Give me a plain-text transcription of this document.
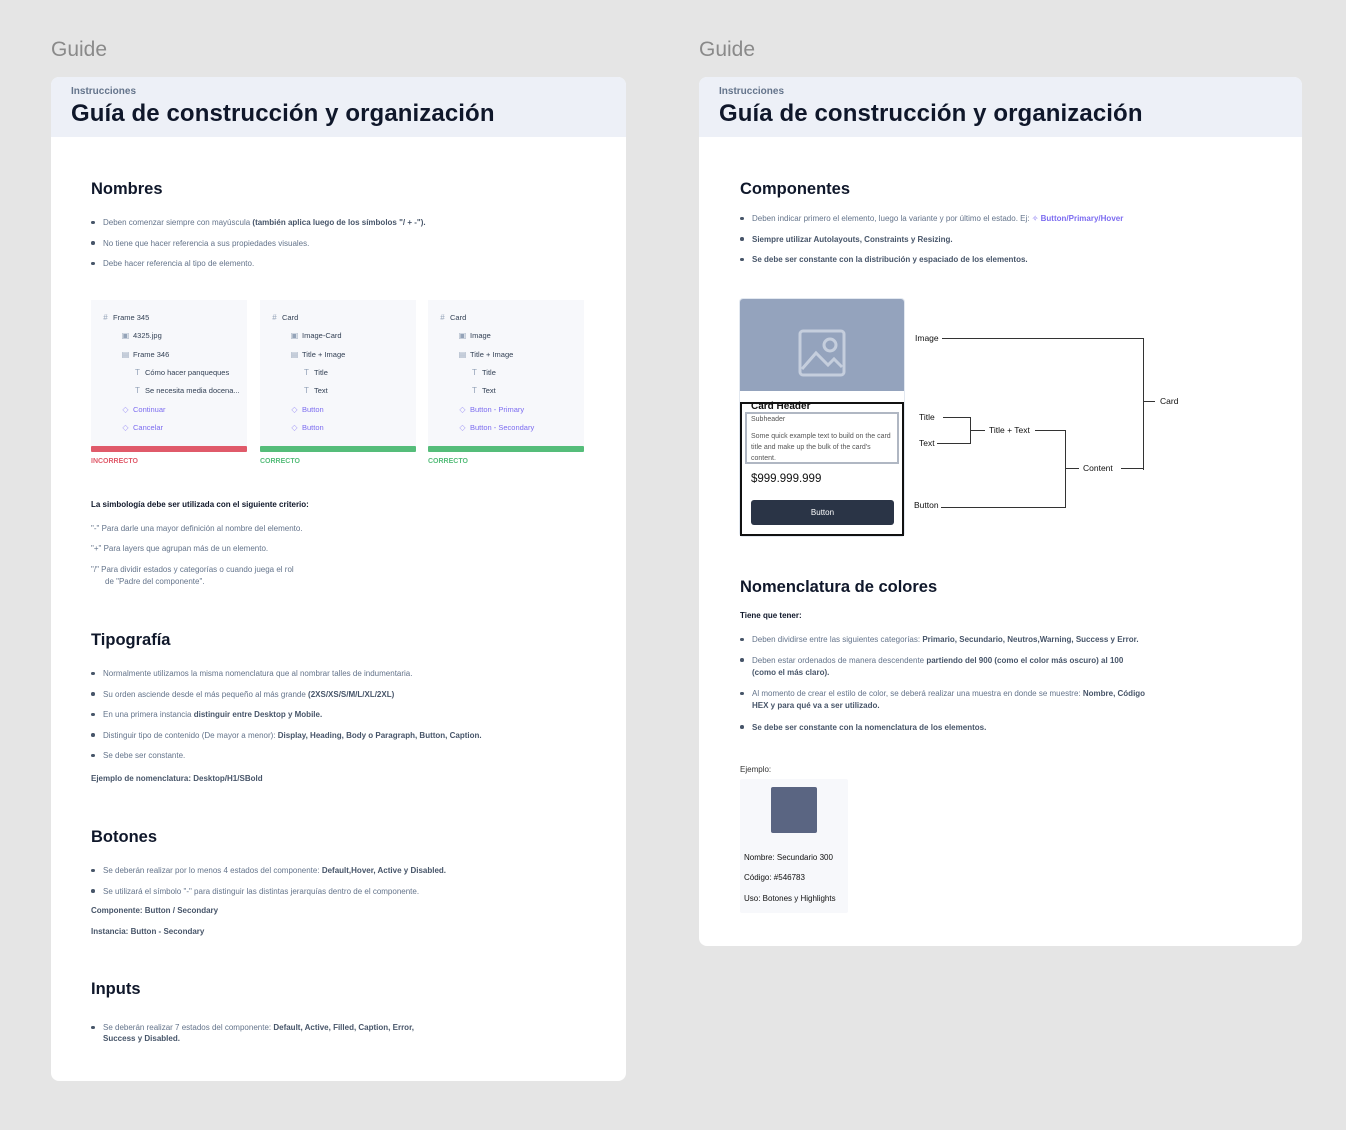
Guide	Guide
Instrucciones
Guía de construcción y organización
Nombres
Deben comenzar siempre con mayúscula (también aplica luego de los símbolos "/ + -").
No tiene que hacer referencia a sus propiedades visuales.
Debe hacer referencia al tipo de elemento.
La simbología debe ser utilizada con el siguiente criterio:
"-" Para darle una mayor definición al nombre del elemento.
"+" Para layers que agrupan más de un elemento.
"/" Para dividir estados y categorías o cuando juega el rol
de "Padre del componente".
Tipografía
Normalmente utilizamos la misma nomenclatura que al nombrar talles de indumentaria.
Su orden asciende desde el más pequeño al más grande (2XS/XS/S/M/L/XL/2XL)
En una primera instancia distinguir entre Desktop y Mobile.
Distinguir tipo de contenido (De mayor a menor): Display, Heading, Body o Paragraph, Button, Caption.
Se debe ser constante.
Ejemplo de nomenclatura: Desktop/H1/SBold
Botones
Se deberán realizar por lo menos 4 estados del componente: Default,Hover, Active y Disabled.
Se utilizará el símbolo "-" para distinguir las distintas jerarquías dentro de el componente.
Componente: Button / Secondary
Instancia: Button - Secondary
Inputs
Se deberán realizar 7 estados del componente: Default, Active, Filled, Caption, Error,
Success y Disabled.
# Frame 345
▣ 4325.jpg
▤ Frame 346
T Cómo hacer panqueques
T Se necesita media docena...
◇ Continuar
◇ Cancelar
INCORRECTO
# Card
▣ Image-Card
▤ Title + Image
T Title
T Text
◇ Button
◇ Button
CORRECTO
# Card
▣ Image
▤ Title + Image
T Title
T Text
◇ Button - Primary
◇ Button - Secondary
CORRECTO
Instrucciones
Guía de construcción y organización
Componentes
Deben indicar primero el elemento, luego la variante y por último el estado. Ej: ✧ Button/Primary/Hover
Siempre utilizar Autolayouts, Constraints y Resizing.
Se debe ser constante con la distribución y espaciado de los elementos.
Card Header
Subheader
Some quick example text to build on the card title and make up the bulk of the card's content.
$999.999.999
Button
Image
Title
Text
Title + Text
Content
Button
Card
Nomenclatura de colores
Tiene que tener:
Deben dividirse entre las siguientes categorías: Primario, Secundario, Neutros,Warning, Success y Error.
Deben estar ordenados de manera descendente partiendo del 900 (como el color más oscuro) al 100
(como el más claro).
Al momento de crear el estilo de color, se deberá realizar una muestra en donde se muestre: Nombre, Código
HEX y para qué va a ser utilizado.
Se debe ser constante con la nomenclatura de los elementos.
Ejemplo:
Nombre: Secundario 300
Código: #546783
Uso: Botones y Highlights
